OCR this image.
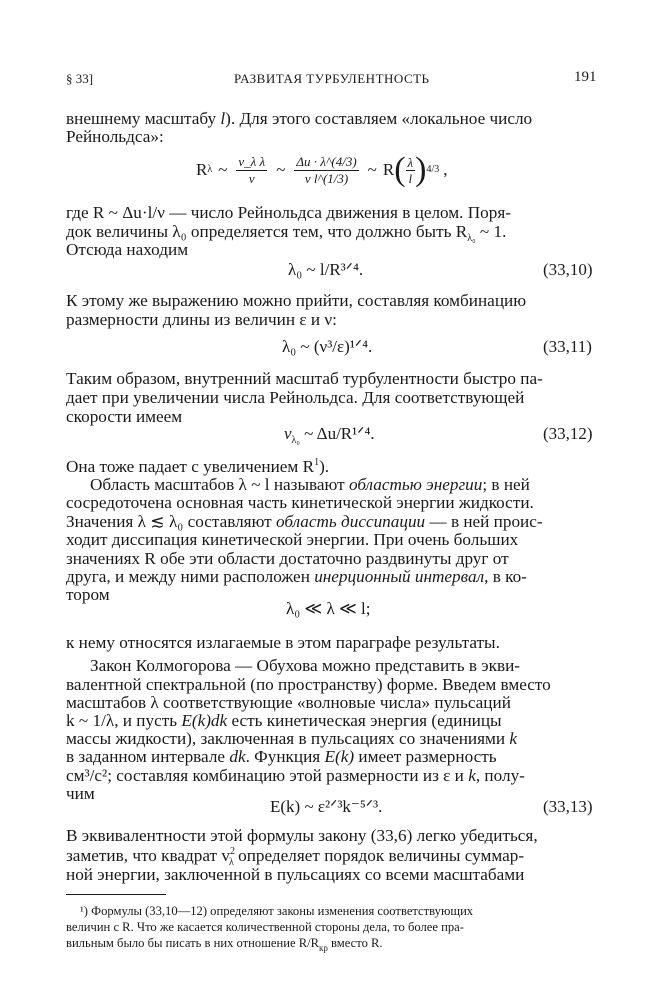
§ 33]	РАЗВИТАЯ ТУРБУЛЕНТНОСТЬ	191
внешнему масштабу l). Для этого составляем «локальное число
Рейнольдса»:
R λ ~ $\frac{\text{v\_λ λ}}{\nu}$ ~ $\frac{\Delta u \cdot \lambda\^{}(4/3)}{\text{ν l\textasciicircum{}(1/3)}}$ ~ R ( λ
l ) 4/3 ,
где R ~ Δu·l/ν — число Рейнольдса движения в целом. Поря-
док величины λ₀ определяется тем, что должно быть $R_{\lambda_0}$ ~ 1.
Отсюда находим
λ₀ ~ l/R³ᐟ⁴.	(33,10)
К этому же выражению можно прийти, составляя комбинацию
размерности длины из величин ε и ν:
λ₀ ~ (ν³/ε)¹ᐟ⁴.	(33,11)
Таким образом, внутренний масштаб турбулентности быстро па-
дает при увеличении числа Рейнольдса. Для соответствующей
скорости имеем
$v_{\lambda_0}$ ~ Δu/R¹ᐟ⁴.	(33,12)
Она тоже падает с увеличением $R^1$).
Область масштабов λ ~ l называют областью энергии; в ней
сосредоточена основная часть кинетической энергии жидкости.
Значения λ ≲ λ₀ составляют область диссипации — в ней проис-
ходит диссипация кинетической энергии. При очень больших
значениях R обе эти области достаточно раздвинуты друг от
друга, и между ними расположен инерционный интервал, в ко-
тором
λ₀ ≪ λ ≪ l;
к нему относятся излагаемые в этом параграфе результаты.
Закон Колмогорова — Обухова можно представить в экви-
валентной спектральной (по пространству) форме. Введем вместо
масштабов λ соответствующие «волновые числа» пульсаций
k ~ 1/λ, и пусть E(k)dk есть кинетическая энергия (единицы
массы жидкости), заключенная в пульсациях со значениями k
в заданном интервале dk. Функция E(k) имеет размерность
см³/с²; составляя комбинацию этой размерности из ε и k, полу-
чим
E(k) ~ ε²ᐟ³k⁻⁵ᐟ³.	(33,13)
В эквивалентности этой формулы закону (33,6) легко убедиться,
заметив, что квадрат $v^2_\lambda$ определяет порядок величины суммар-
ной энергии, заключенной в пульсациях со всеми масштабами
¹) Формулы (33,10—12) определяют законы изменения соответствующих
величин с R. Что же касается количественной стороны дела, то более пра-
вильным было бы писать в них отношение $R/R_{кр}$ вместо R.
